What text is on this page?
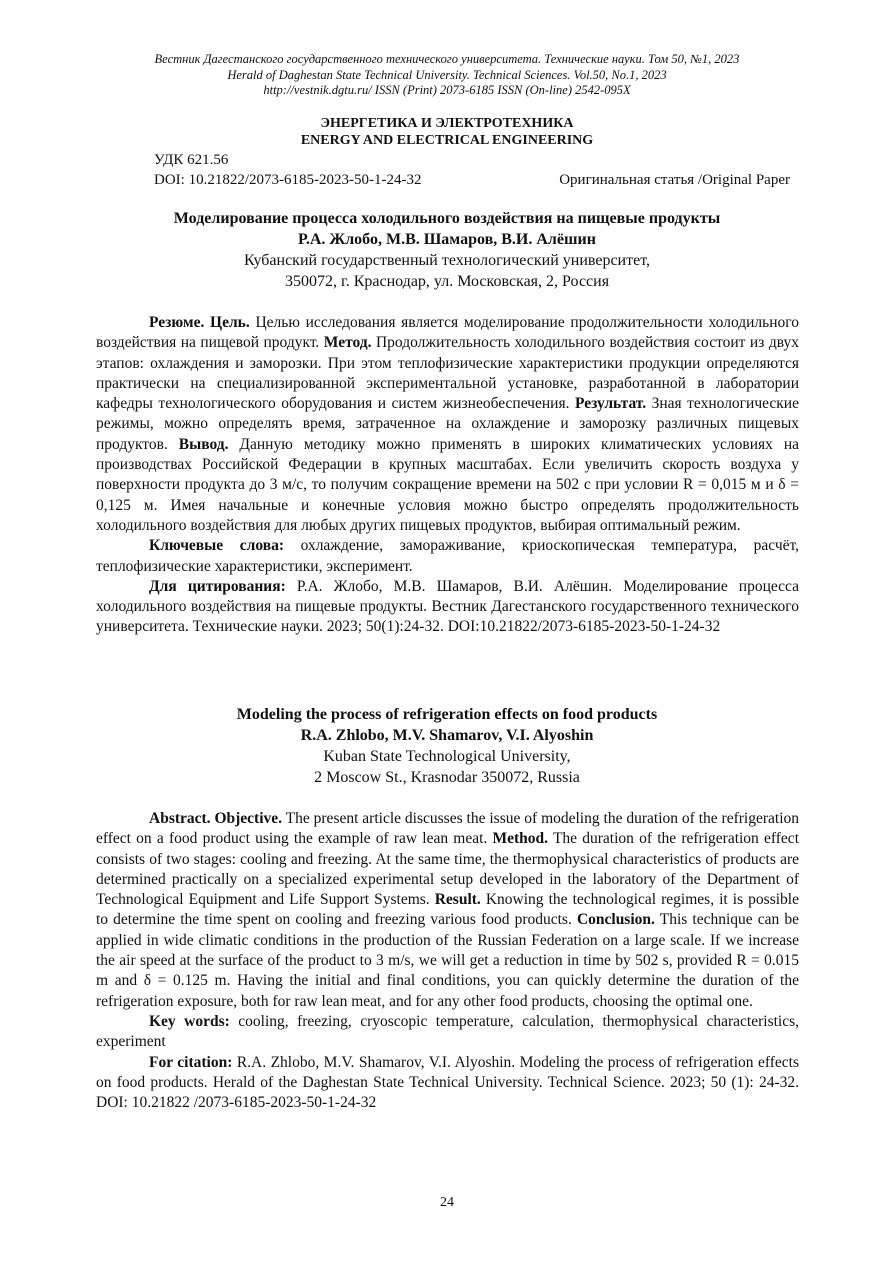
Вестник Дагестанского государственного технического университета. Технические науки. Том 50, №1, 2023
Herald of Daghestan State Technical University. Technical Sciences. Vol.50, No.1, 2023
http://vestnik.dgtu.ru/ ISSN (Print) 2073-6185 ISSN (On-line) 2542-095X
ЭНЕРГЕТИКА И ЭЛЕКТРОТЕХНИКА
ENERGY AND ELECTRICAL ENGINEERING
УДК 621.56
DOI: 10.21822/2073-6185-2023-50-1-24-32	Оригинальная статья /Original Paper
Моделирование процесса холодильного воздействия на пищевые продукты
Р.А. Жлобо, М.В. Шамаров, В.И. Алёшин
Кубанский государственный технологический университет,
350072, г. Краснодар, ул. Московская, 2, Россия

Резюме. Цель. Целью исследования является моделирование продолжительности холодильного воздействия на пищевой продукт. Метод. Продолжительность холодильного воздействия состоит из двух этапов: охлаждения и заморозки. При этом теплофизические характеристики продукции определяются практически на специализированной экспериментальной установке, разработанной в лаборатории кафедры технологического оборудования и систем жизнеобеспечения. Результат. Зная технологические режимы, можно определять время, затраченное на охлаждение и заморозку различных пищевых продуктов. Вывод. Данную методику можно применять в широких климатических условиях на производствах Российской Федерации в крупных масштабах. Если увеличить скорость воздуха у поверхности продукта до 3 м/с, то получим сокращение времени на 502 с при условии R = 0,015 м и δ = 0,125 м. Имея начальные и конечные условия можно быстро определять продолжительность холодильного воздействия для любых других пищевых продуктов, выбирая оптимальный режим.

Ключевые слова: охлаждение, замораживание, криоскопическая температура, расчёт, теплофизические характеристики, эксперимент.

Для цитирования: Р.А. Жлобо, М.В. Шамаров, В.И. Алёшин. Моделирование процесса холодильного воздействия на пищевые продукты. Вестник Дагестанского государственного технического университета. Технические науки. 2023; 50(1):24-32. DOI:10.21822/2073-6185-2023-50-1-24-32

Modeling the process of refrigeration effects on food products
R.A. Zhlobo, M.V. Shamarov, V.I. Alyoshin
Kuban State Technological University,
2 Moscow St., Krasnodar 350072, Russia

Abstract. Objective. The present article discusses the issue of modeling the duration of the refrigeration effect on a food product using the example of raw lean meat. Method. The duration of the refrigeration effect consists of two stages: cooling and freezing. At the same time, the thermophysical characteristics of products are determined practically on a specialized experimental setup developed in the laboratory of the Department of Technological Equipment and Life Support Systems. Result. Knowing the technological regimes, it is possible to determine the time spent on cooling and freezing various food products. Conclusion. This technique can be applied in wide climatic conditions in the production of the Russian Federation on a large scale. If we increase the air speed at the surface of the product to 3 m/s, we will get a reduction in time by 502 s, provided R = 0.015 m and δ = 0.125 m. Having the initial and final conditions, you can quickly determine the duration of the refrigeration exposure, both for raw lean meat, and for any other food products, choosing the optimal one.

Key words: cooling, freezing, cryoscopic temperature, calculation, thermophysical characteristics, experiment

For citation: R.A. Zhlobo, M.V. Shamarov, V.I. Alyoshin. Modeling the process of refrigeration effects on food products. Herald of the Daghestan State Technical University. Technical Science. 2023; 50 (1): 24-32. DOI: 10.21822 /2073-6185-2023-50-1-24-32

24
